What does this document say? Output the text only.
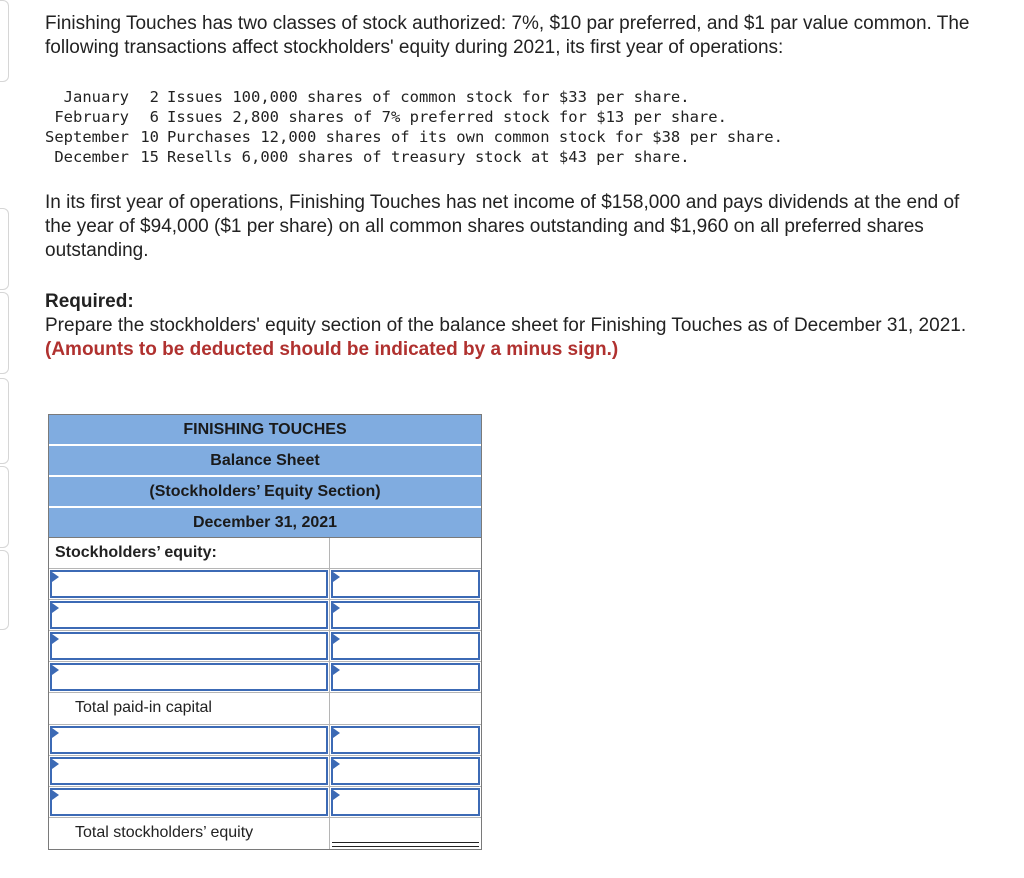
Finishing Touches has two classes of stock authorized: 7%, $10 par preferred, and $1 par value common. The following transactions affect stockholders' equity during 2021, its first year of operations:

January	2	Issues 100,000 shares of common stock for $33 per share.
February	6	Issues 2,800 shares of 7% preferred stock for $13 per share.
September	10	Purchases 12,000 shares of its own common stock for $38 per share.
December	15	Resells 6,000 shares of treasury stock at $43 per share.

In its first year of operations, Finishing Touches has net income of $158,000 and pays dividends at the end of the year of $94,000 ($1 per share) on all common shares outstanding and $1,960 on all preferred shares outstanding.

Required:

Prepare the stockholders' equity section of the balance sheet for Finishing Touches as of December 31, 2021. (Amounts to be deducted should be indicated by a minus sign.)

FINISHING TOUCHES
Balance Sheet
(Stockholders’ Equity Section)
December 31, 2021
Stockholders’ equity:
Total paid-in capital
Total stockholders’ equity
